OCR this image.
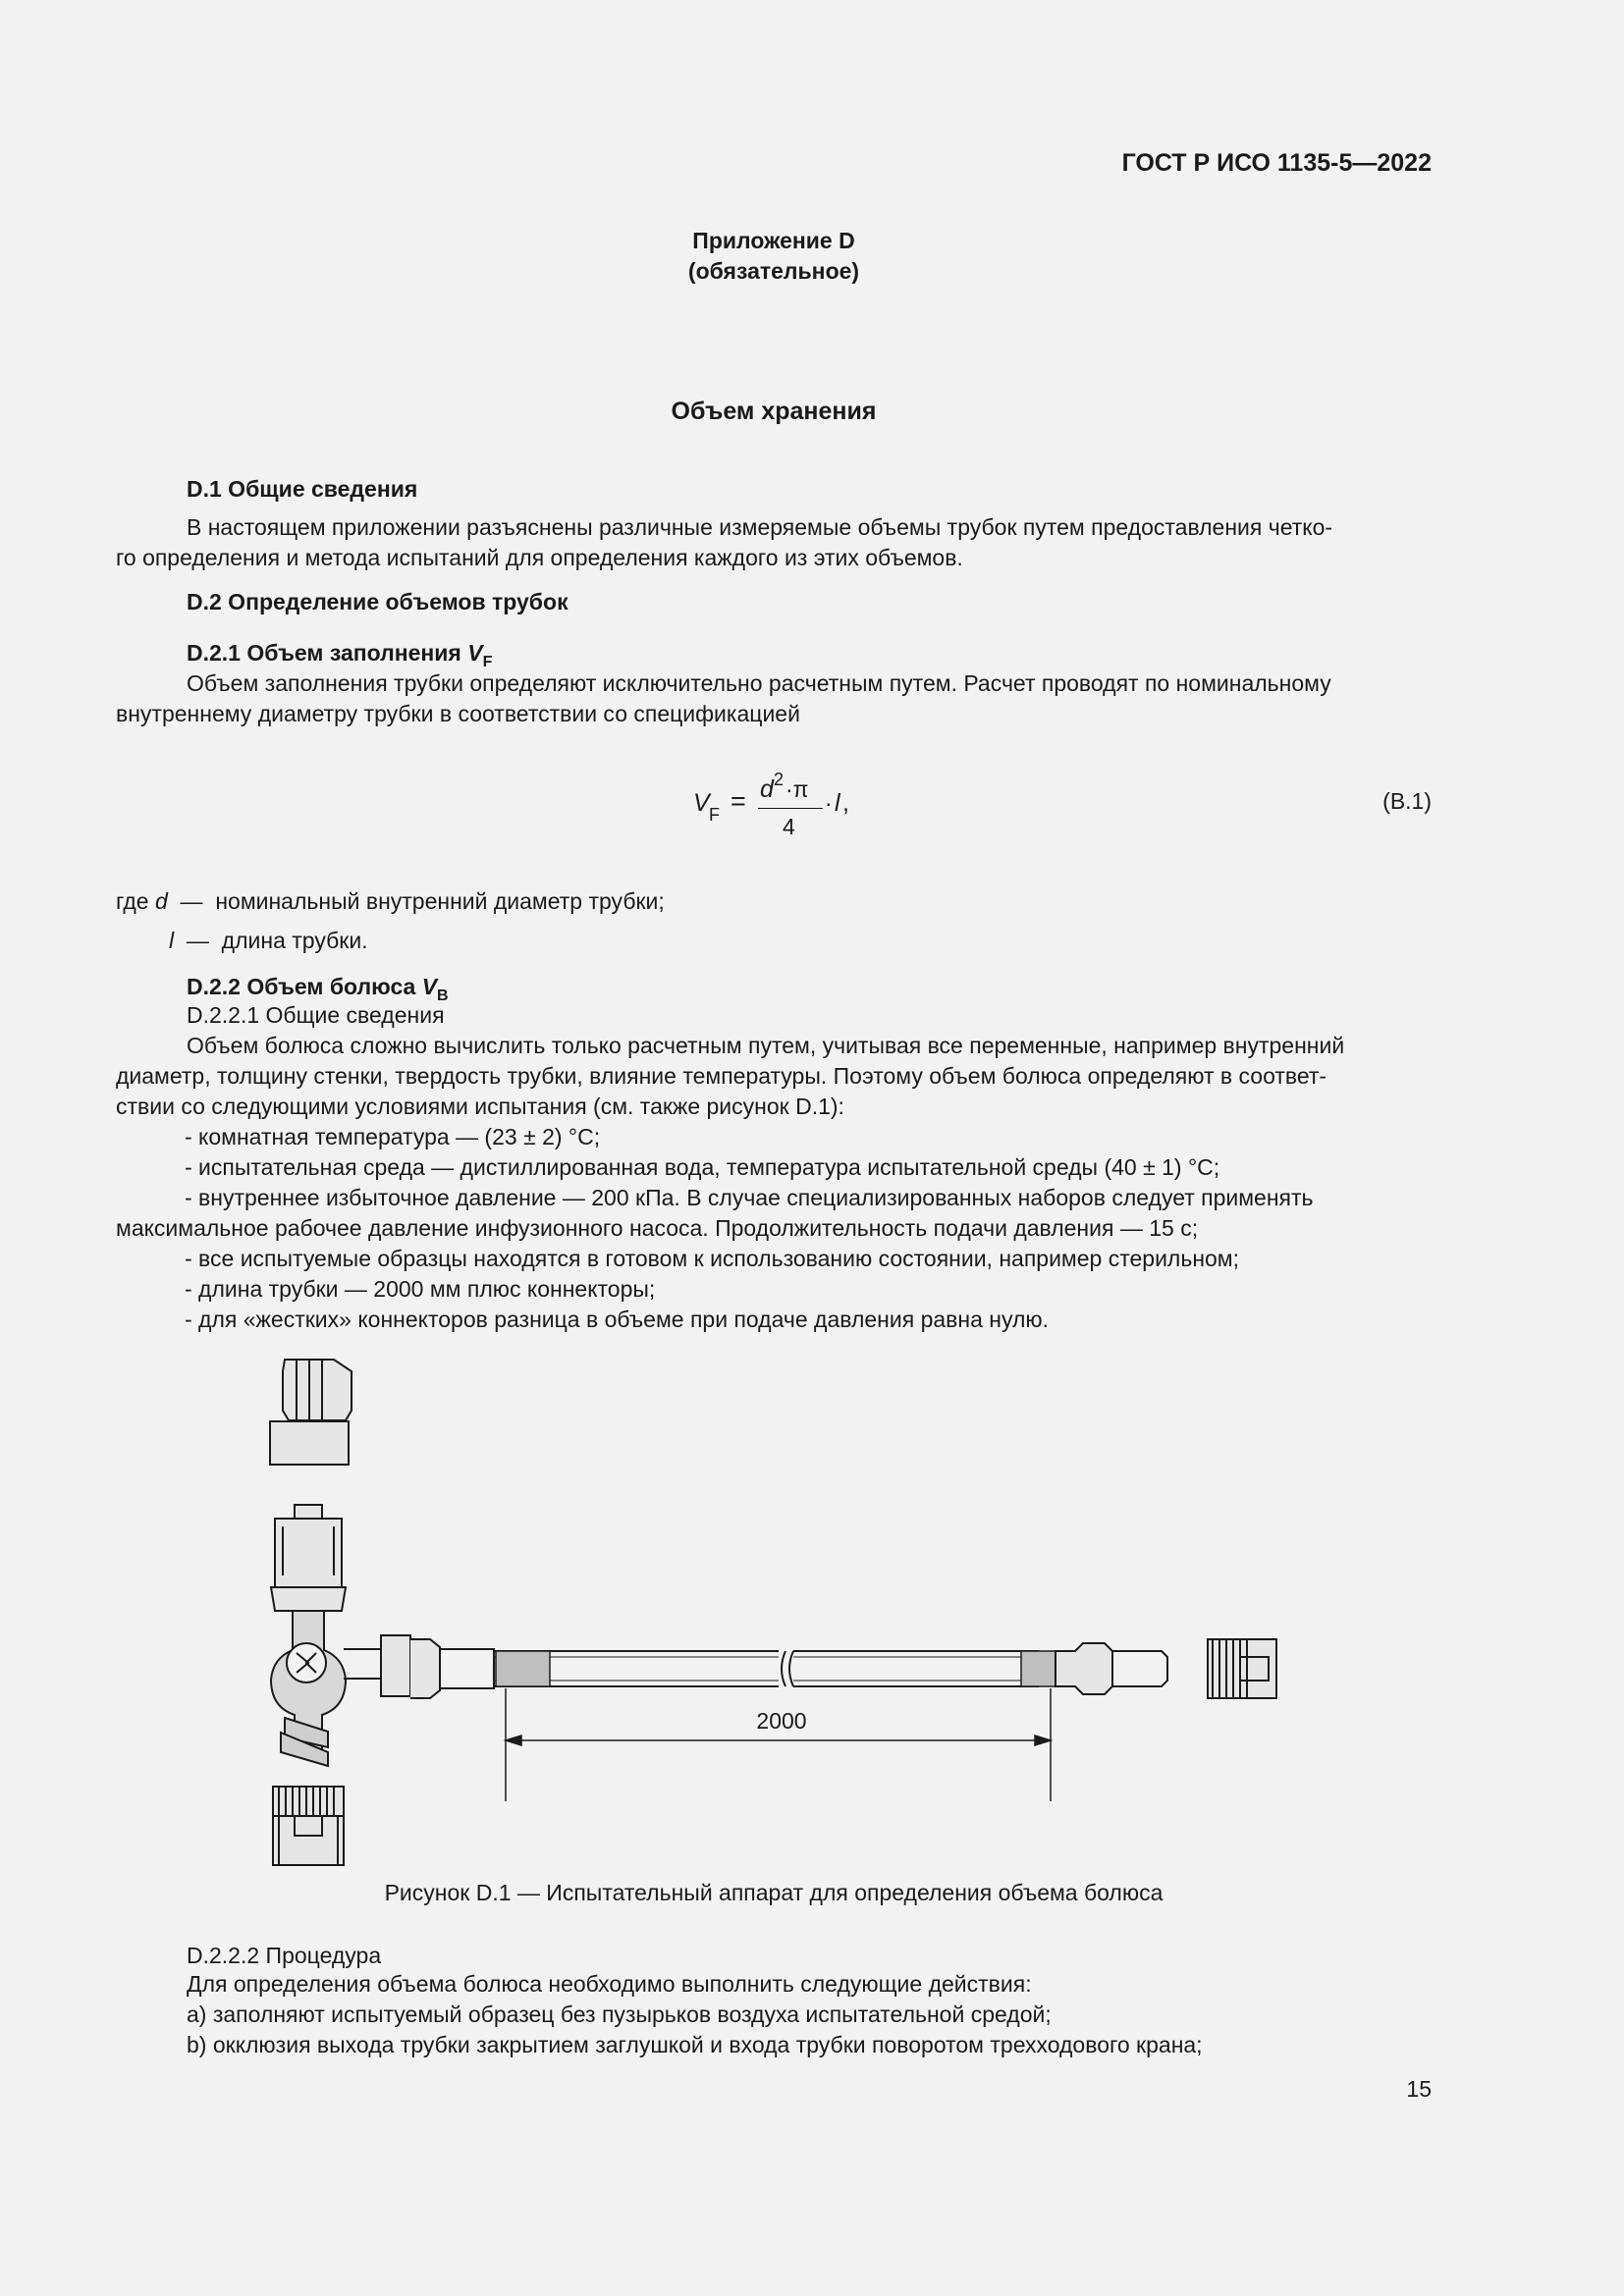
ГОСТ Р ИСО 1135-5—2022
Приложение D
(обязательное)
Объем хранения
D.1 Общие сведения
В настоящем приложении разъяснены различные измеряемые объемы трубок путем предоставления четко-
го определения и метода испытаний для определения каждого из этих объемов.
D.2 Определение объемов трубок
D.2.1 Объем заполнения $V_F$
Объем заполнения трубки определяют исключительно расчетным путем. Расчет проводят по номинальному
внутреннему диаметру трубки в соответствии со спецификацией
V F = d 2 ·π
4
· l ,	(В.1)
где d  —  номинальный внутренний диаметр трубки;
l  —  длина трубки.
D.2.2 Объем болюса $V_B$
D.2.2.1 Общие сведения
Объем болюса сложно вычислить только расчетным путем, учитывая все переменные, например внутренний
диаметр, толщину стенки, твердость трубки, влияние температуры. Поэтому объем болюса определяют в соответ-
ствии со следующими условиями испытания (см. также рисунок D.1):
- комнатная температура — (23 ± 2) °С;
- испытательная среда — дистиллированная вода, температура испытательной среды (40 ± 1) °С;
- внутреннее избыточное давление — 200 кПа. В случае специализированных наборов следует применять
максимальное рабочее давление инфузионного насоса. Продолжительность подачи давления — 15 с;
- все испытуемые образцы находятся в готовом к использованию состоянии, например стерильном;
- длина трубки — 2000 мм плюс коннекторы;
- для «жестких» коннекторов разница в объеме при подаче давления равна нулю.
2000
Рисунок D.1 — Испытательный аппарат для определения объема болюса
D.2.2.2 Процедура
Для определения объема болюса необходимо выполнить следующие действия:
a) заполняют испытуемый образец без пузырьков воздуха испытательной средой;
b) окклюзия выхода трубки закрытием заглушкой и входа трубки поворотом трехходового крана;
15
